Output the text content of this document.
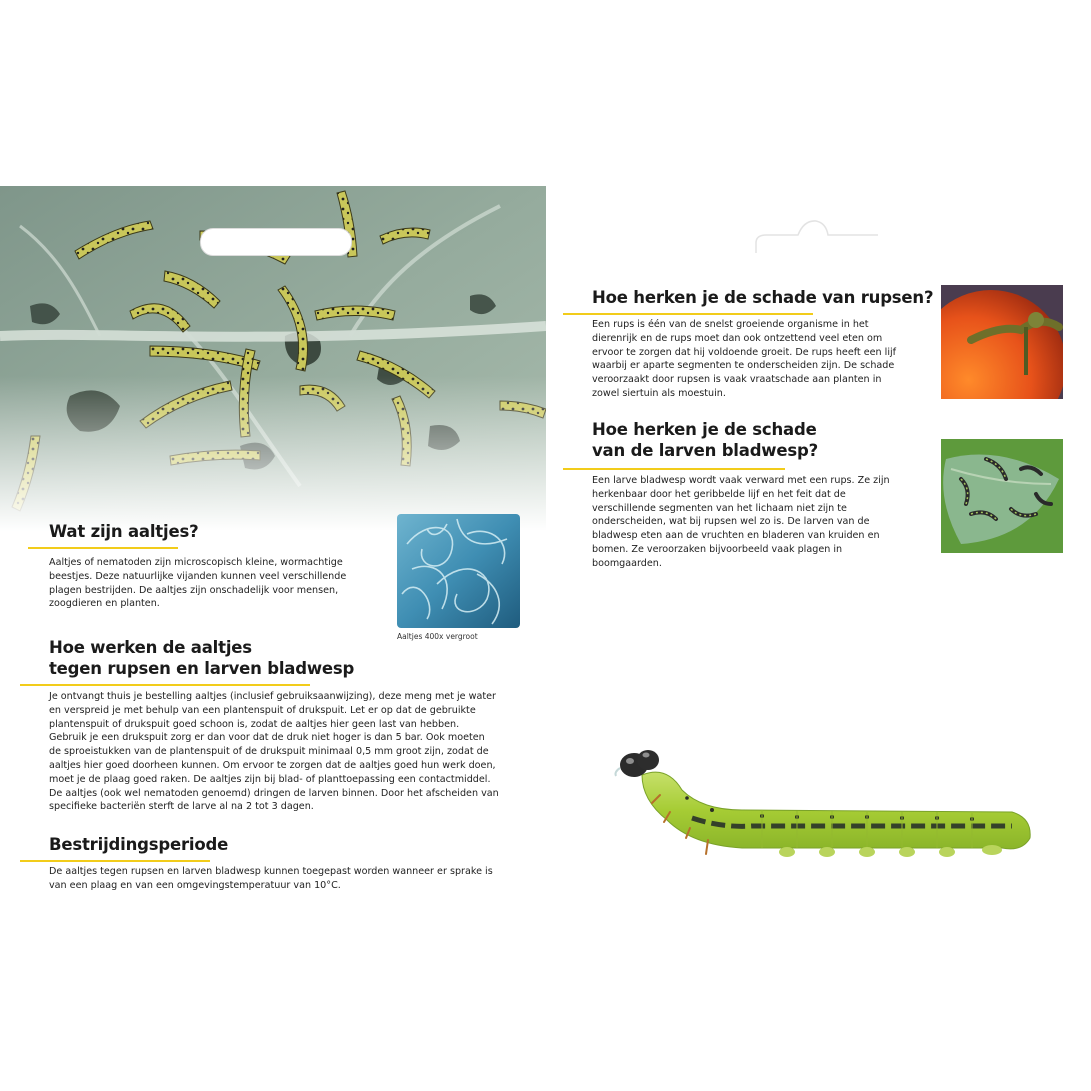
Wat zijn aaltjes?

Aaltjes of nematoden zijn microscopisch kleine, wormachtige beestjes. Deze natuurlijke vijanden kunnen veel verschillende plagen bestrijden. De aaltjes zijn onschadelijk voor mensen, zoogdieren en planten.

Aaltjes 400x vergroot
Hoe werken de aaltjes
tegen rupsen en larven bladwesp

Je ontvangt thuis je bestelling aaltjes (inclusief gebruiksaanwijzing), deze meng met je water en verspreid je met behulp van een plantenspuit of drukspuit. Let er op dat de gebruikte plantenspuit of drukspuit goed schoon is, zodat de aaltjes hier geen last van hebben. Gebruik je een drukspuit zorg er dan voor dat de druk niet hoger is dan 5 bar. Ook moeten de sproeistukken van de plantenspuit of de drukspuit minimaal 0,5 mm groot zijn, zodat de aaltjes hier goed doorheen kunnen. Om ervoor te zorgen dat de aaltjes goed hun werk doen, moet je de plaag goed raken. De aaltjes zijn bij blad- of planttoepassing een contactmiddel. De aaltjes (ook wel nematoden genoemd) dringen de larven binnen. Door het afscheiden van specifieke bacteriën sterft de larve al na 2 tot 3 dagen.

Bestrijdingsperiode

De aaltjes tegen rupsen en larven bladwesp kunnen toegepast worden wanneer er sprake is van een plaag en van een omgevingstemperatuur van 10°C.

Hoe herken je de schade van rupsen?

Een rups is één van de snelst groeiende organisme in het dierenrijk en de rups moet dan ook ontzettend veel eten om ervoor te zorgen dat hij voldoende groeit. De rups heeft een lijf waarbij er aparte segmenten te onderscheiden zijn. De schade veroorzaakt door rupsen is vaak vraatschade aan planten in zowel siertuin als moestuin.

Hoe herken je de schade
van de larven bladwesp?

Een larve bladwesp wordt vaak verward met een rups. Ze zijn herkenbaar door het geribbelde lijf en het feit dat de verschillende segmenten van het lichaam niet zijn te onderscheiden, wat bij rupsen wel zo is. De larven van de bladwesp eten aan de vruchten en bladeren van kruiden en bomen. Ze veroorzaken bijvoorbeeld vaak plagen in boomgaarden.
